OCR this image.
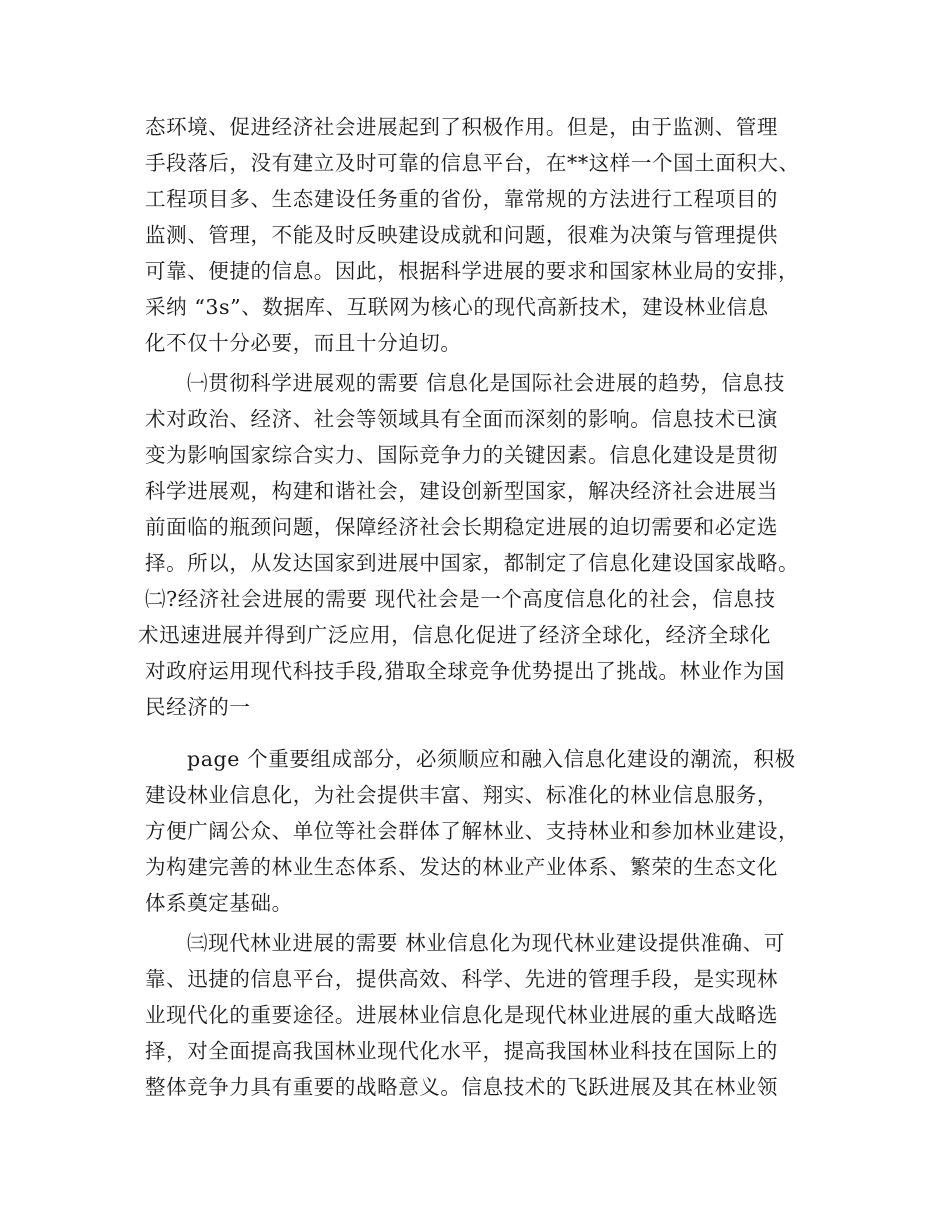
态环境、促进经济社会进展起到了积极作用。但是，由于监测、管理
手段落后，没有建立及时可靠的信息平台，在**这样一个国土面积大、
工程项目多、生态建设任务重的省份，靠常规的方法进行工程项目的
监测、管理，不能及时反映建设成就和问题，很难为决策与管理提供
可靠、便捷的信息。因此，根据科学进展的要求和国家林业局的安排，
采纳 “3s”、数据库、互联网为核心的现代高新技术，建设林业信息
化不仅十分必要，而且十分迫切。
㈠贯彻科学进展观的需要 信息化是国际社会进展的趋势，信息技
术对政治、经济、社会等领域具有全面而深刻的影响。信息技术已演
变为影响国家综合实力、国际竞争力的关键因素。信息化建设是贯彻
科学进展观，构建和谐社会，建设创新型国家，解决经济社会进展当
前面临的瓶颈问题，保障经济社会长期稳定进展的迫切需要和必定选
择。所以，从发达国家到进展中国家，都制定了信息化建设国家战略。
㈡?经济社会进展的需要 现代社会是一个高度信息化的社会，信息技
术迅速进展并得到广泛应用，信息化促进了经济全球化，经济全球化
对政府运用现代科技手段,猎取全球竞争优势提出了挑战。林业作为国
民经济的一
page 个重要组成部分，必须顺应和融入信息化建设的潮流，积极
建设林业信息化，为社会提供丰富、翔实、标准化的林业信息服务，
方便广阔公众、单位等社会群体了解林业、支持林业和参加林业建设，
为构建完善的林业生态体系、发达的林业产业体系、繁荣的生态文化
体系奠定基础。
㈢现代林业进展的需要 林业信息化为现代林业建设提供准确、可
靠、迅捷的信息平台，提供高效、科学、先进的管理手段，是实现林
业现代化的重要途径。进展林业信息化是现代林业进展的重大战略选
择，对全面提高我国林业现代化水平，提高我国林业科技在国际上的
整体竞争力具有重要的战略意义。信息技术的飞跃进展及其在林业领
